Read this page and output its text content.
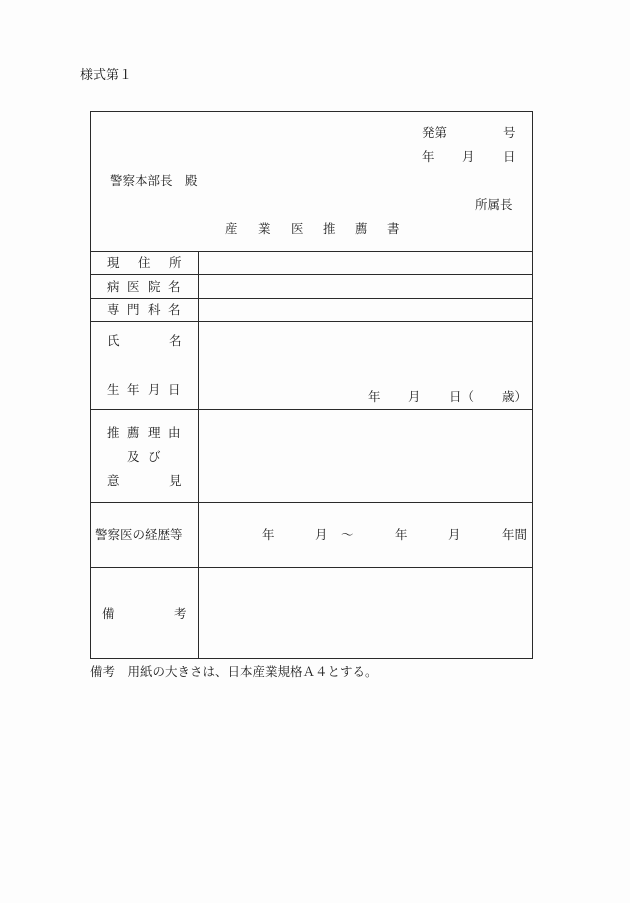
様式第１
発第	号
年 月 日
警察本部長　殿
所属長
産 業 医 推 薦 書
現 住 所
病 医 院 名
専 門 科 名
氏	名
生 年 月 日	年 月 日（ 歳）
推 薦 理 由
及 び
意	見
警察医の経歴等	年	月 ～	年	月	年間
備	考
備考　用紙の大きさは、日本産業規格Ａ４とする。
